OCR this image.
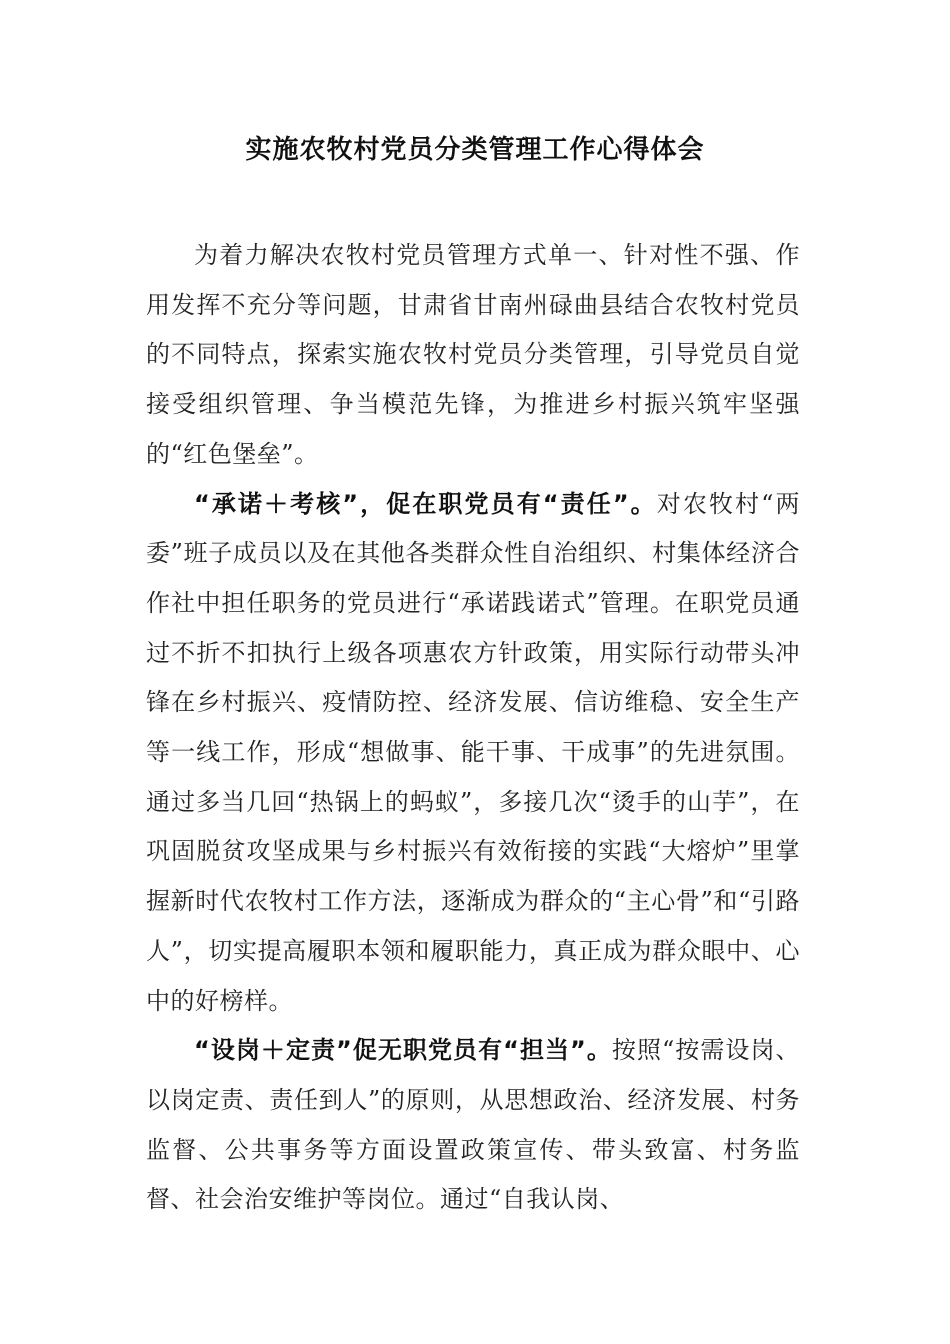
实施农牧村党员分类管理工作心得体会

为着力解决农牧村党员管理方式单一、针对性不强、作用发挥不充分等问题，甘肃省甘南州碌曲县结合农牧村党员的不同特点，探索实施农牧村党员分类管理，引导党员自觉接受组织管理、争当模范先锋，为推进乡村振兴筑牢坚强的“红色堡垒”。

“承诺＋考核”，促在职党员有“责任”。对农牧村“两委”班子成员以及在其他各类群众性自治组织、村集体经济合作社中担任职务的党员进行“承诺践诺式”管理。在职党员通过不折不扣执行上级各项惠农方针政策，用实际行动带头冲锋在乡村振兴、疫情防控、经济发展、信访维稳、安全生产等一线工作，形成“想做事、能干事、干成事”的先进氛围。通过多当几回“热锅上的蚂蚁”，多接几次“烫手的山芋”，在巩固脱贫攻坚成果与乡村振兴有效衔接的实践“大熔炉”里掌握新时代农牧村工作方法，逐渐成为群众的“主心骨”和“引路人”，切实提高履职本领和履职能力，真正成为群众眼中、心中的好榜样。

“设岗＋定责”促无职党员有“担当”。按照“按需设岗、以岗定责、责任到人”的原则，从思想政治、经济发展、村务监督、公共事务等方面设置政策宣传、带头致富、村务监督、社会治安维护等岗位。通过“自我认岗、
